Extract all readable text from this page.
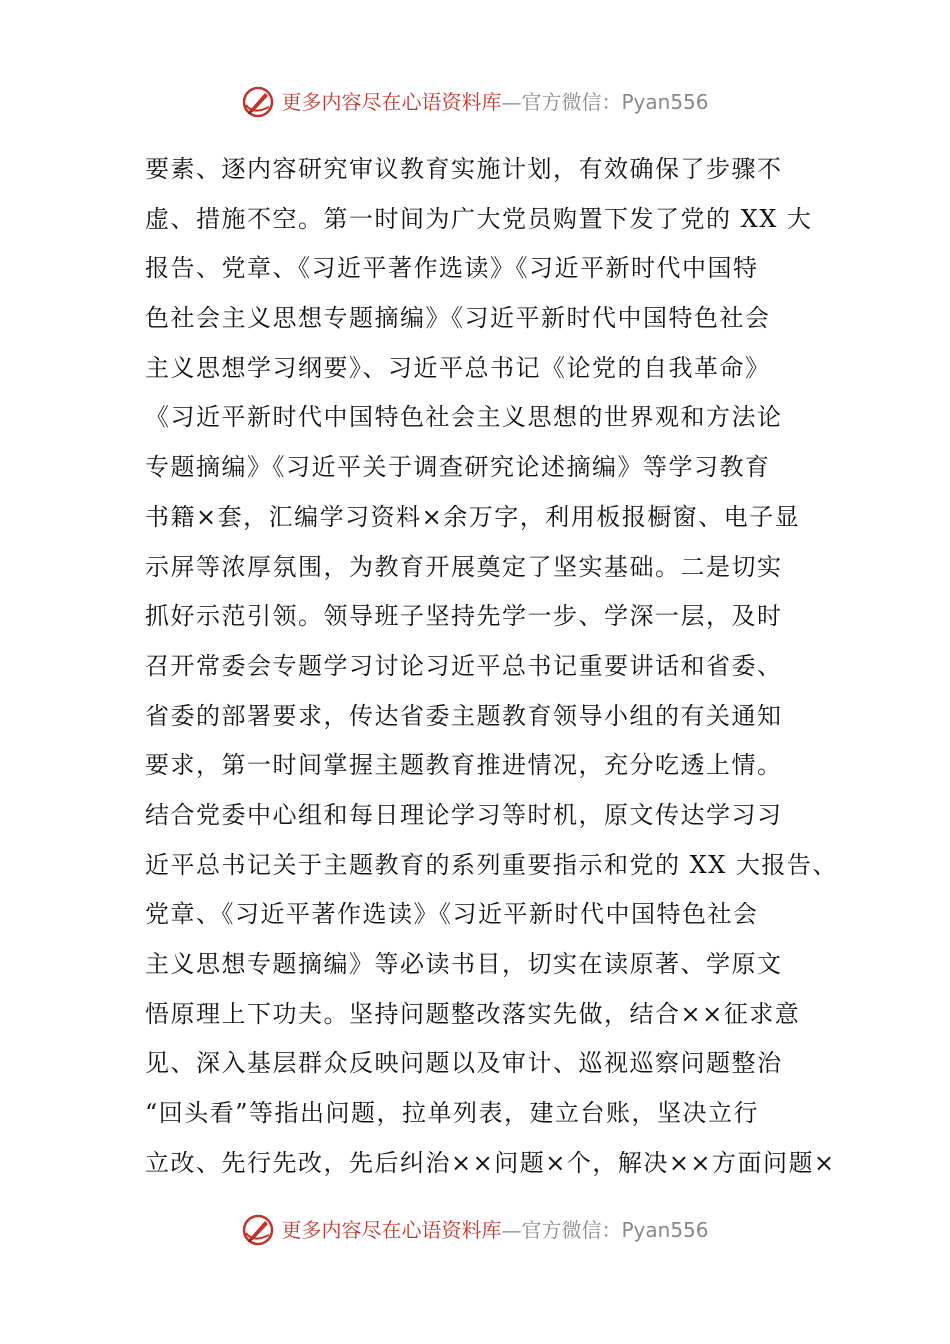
更多内容尽在心语资料库—官方微信：Pyan556
要素、逐内容研究审议教育实施计划，有效确保了步骤不
虚、措施不空。第一时间为广大党员购置下发了党的 XX 大
报告、党章、《习近平著作选读》《习近平新时代中国特
色社会主义思想专题摘编》《习近平新时代中国特色社会
主义思想学习纲要》、习近平总书记《论党的自我革命》
《习近平新时代中国特色社会主义思想的世界观和方法论
专题摘编》《习近平关于调查研究论述摘编》等学习教育
书籍×套，汇编学习资料×余万字，利用板报橱窗、电子显
示屏等浓厚氛围，为教育开展奠定了坚实基础。二是切实
抓好示范引领。领导班子坚持先学一步、学深一层，及时
召开常委会专题学习讨论习近平总书记重要讲话和省委、
省委的部署要求，传达省委主题教育领导小组的有关通知
要求，第一时间掌握主题教育推进情况，充分吃透上情。
结合党委中心组和每日理论学习等时机，原文传达学习习
近平总书记关于主题教育的系列重要指示和党的 XX 大报告、
党章、《习近平著作选读》《习近平新时代中国特色社会
主义思想专题摘编》等必读书目，切实在读原著、学原文
悟原理上下功夫。坚持问题整改落实先做，结合××征求意
见、深入基层群众反映问题以及审计、巡视巡察问题整治
“回头看”等指出问题，拉单列表，建立台账，坚决立行
立改、先行先改，先后纠治××问题×个，解决××方面问题×
更多内容尽在心语资料库—官方微信：Pyan556
